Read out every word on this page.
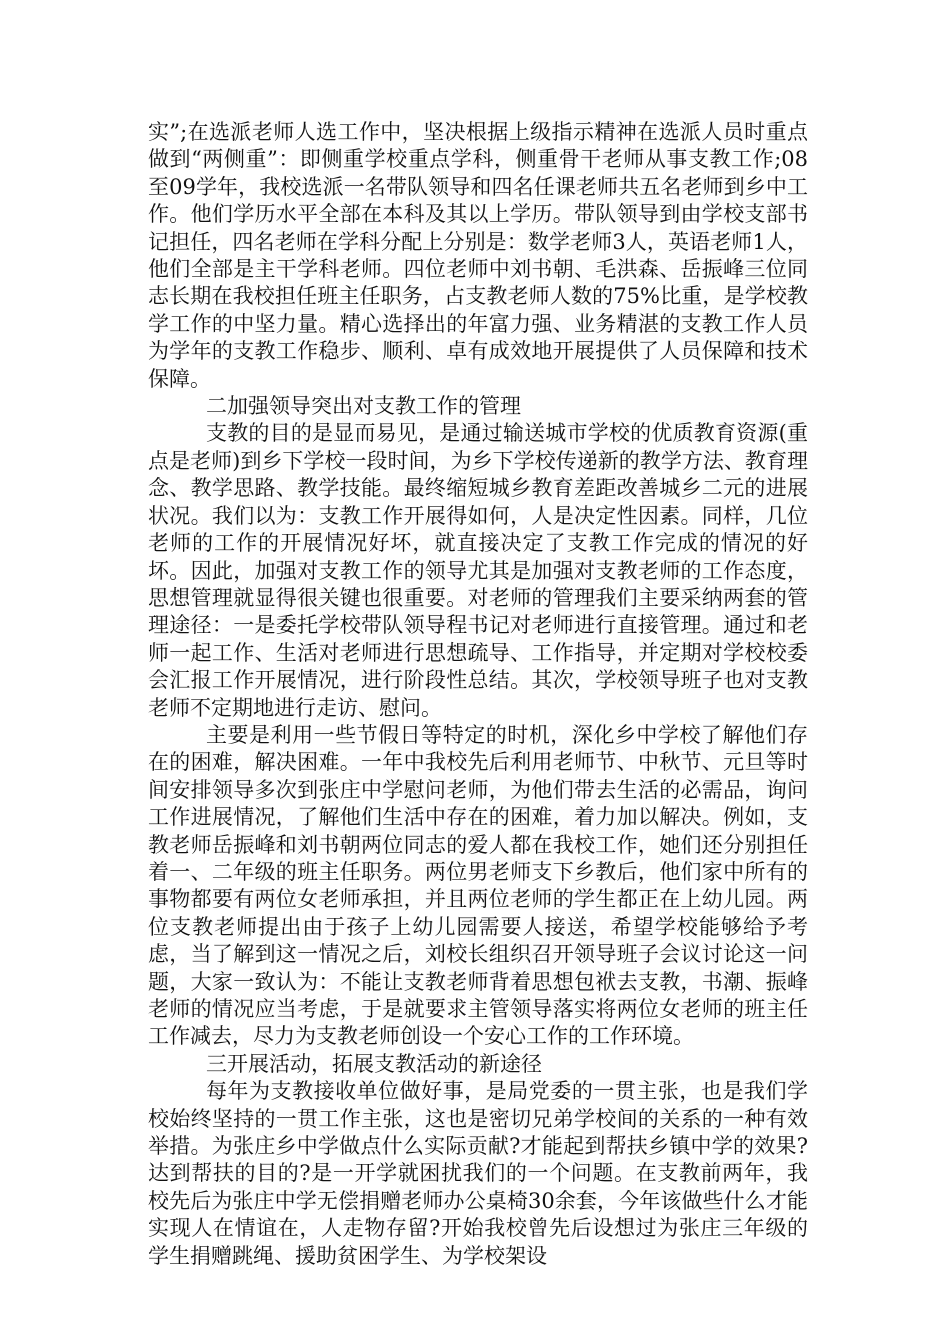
实”;在选派老师人选工作中，坚决根据上级指示精神在选派人员时重点做到“两侧重”：即侧重学校重点学科，侧重骨干老师从事支教工作;08至09学年，我校选派一名带队领导和四名任课老师共五名老师到乡中工作。他们学历水平全部在本科及其以上学历。带队领导到由学校支部书记担任，四名老师在学科分配上分别是：数学老师3人，英语老师1人，他们全部是主干学科老师。四位老师中刘书朝、毛洪森、岳振峰三位同志长期在我校担任班主任职务，占支教老师人数的75%比重，是学校教学工作的中坚力量。精心选择出的年富力强、业务精湛的支教工作人员为学年的支教工作稳步、顺利、卓有成效地开展提供了人员保障和技术保障。

二加强领导突出对支教工作的管理

支教的目的是显而易见，是通过输送城市学校的优质教育资源(重点是老师)到乡下学校一段时间，为乡下学校传递新的教学方法、教育理念、教学思路、教学技能。最终缩短城乡教育差距改善城乡二元的进展状况。我们以为：支教工作开展得如何，人是决定性因素。同样，几位老师的工作的开展情况好坏，就直接决定了支教工作完成的情况的好坏。因此，加强对支教工作的领导尤其是加强对支教老师的工作态度，思想管理就显得很关键也很重要。对老师的管理我们主要采纳两套的管理途径：一是委托学校带队领导程书记对老师进行直接管理。通过和老师一起工作、生活对老师进行思想疏导、工作指导，并定期对学校校委会汇报工作开展情况，进行阶段性总结。其次，学校领导班子也对支教老师不定期地进行走访、慰问。

主要是利用一些节假日等特定的时机，深化乡中学校了解他们存在的困难，解决困难。一年中我校先后利用老师节、中秋节、元旦等时间安排领导多次到张庄中学慰问老师，为他们带去生活的必需品，询问工作进展情况，了解他们生活中存在的困难，着力加以解决。例如，支教老师岳振峰和刘书朝两位同志的爱人都在我校工作，她们还分别担任着一、二年级的班主任职务。两位男老师支下乡教后，他们家中所有的事物都要有两位女老师承担，并且两位老师的学生都正在上幼儿园。两位支教老师提出由于孩子上幼儿园需要人接送，希望学校能够给予考虑，当了解到这一情况之后，刘校长组织召开领导班子会议讨论这一问题，大家一致认为：不能让支教老师背着思想包袱去支教，书潮、振峰老师的情况应当考虑，于是就要求主管领导落实将两位女老师的班主任工作减去，尽力为支教老师创设一个安心工作的工作环境。

三开展活动，拓展支教活动的新途径

每年为支教接收单位做好事，是局党委的一贯主张，也是我们学校始终坚持的一贯工作主张，这也是密切兄弟学校间的关系的一种有效举措。为张庄乡中学做点什么实际贡献?才能起到帮扶乡镇中学的效果?达到帮扶的目的?是一开学就困扰我们的一个问题。在支教前两年，我校先后为张庄中学无偿捐赠老师办公桌椅30余套，今年该做些什么才能实现人在情谊在，人走物存留?开始我校曾先后设想过为张庄三年级的学生捐赠跳绳、援助贫困学生、为学校架设
